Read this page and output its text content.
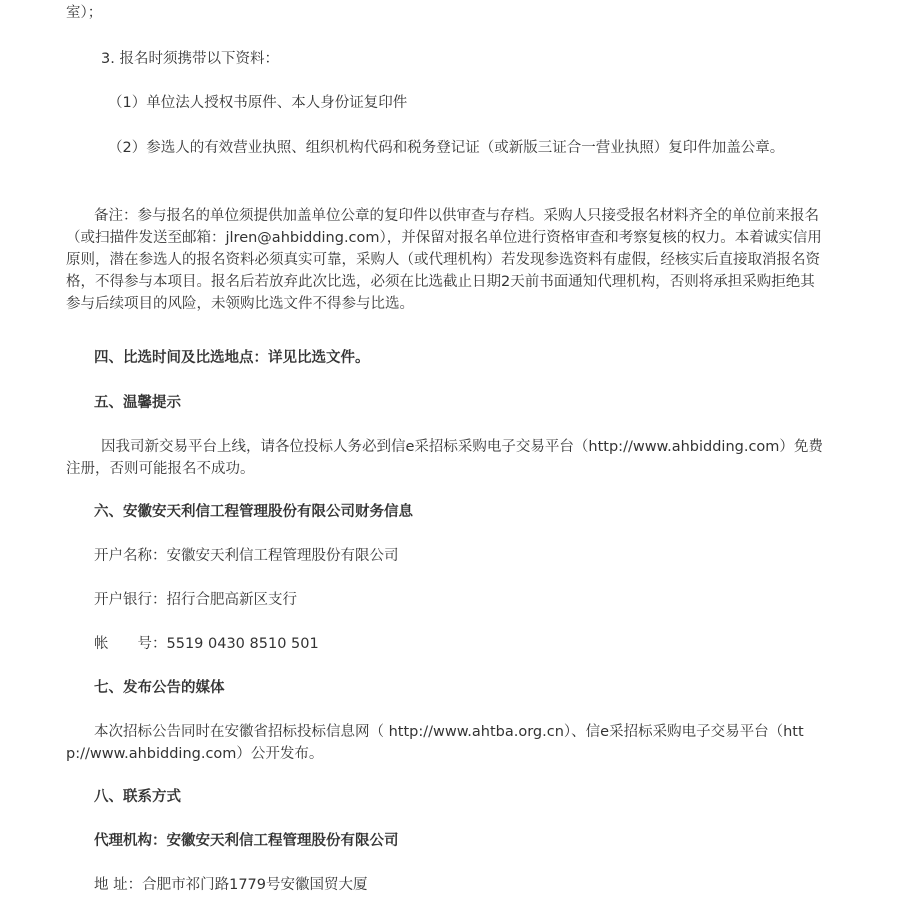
室）；

3. 报名时须携带以下资料：

（1）单位法人授权书原件、本人身份证复印件

（2）参选人的有效营业执照、组织机构代码和税务登记证（或新版三证合一营业执照）复印件加盖公章。

备注：参与报名的单位须提供加盖单位公章的复印件以供审查与存档。采购人只接受报名材料齐全的单位前来报名（或扫描件发送至邮箱：jlren@ahbidding.com），并保留对报名单位进行资格审查和考察复核的权力。本着诚实信用原则，潜在参选人的报名资料必须真实可靠，采购人（或代理机构）若发现参选资料有虚假，经核实后直接取消报名资格，不得参与本项目。报名后若放弃此次比选，必须在比选截止日期2天前书面通知代理机构，否则将承担采购拒绝其参与后续项目的风险，未领购比选文件不得参与比选。

四、比选时间及比选地点：详见比选文件。

五、温馨提示

因我司新交易平台上线，请各位投标人务必到信e采招标采购电子交易平台（http://www.ahbidding.com）免费注册，否则可能报名不成功。

六、安徽安天利信工程管理股份有限公司财务信息

开户名称：安徽安天利信工程管理股份有限公司

开户银行：招行合肥高新区支行

帐　　号：5519 0430 8510 501

七、发布公告的媒体

本次招标公告同时在安徽省招标投标信息网（ http://www.ahtba.org.cn）、信e采招标采购电子交易平台（http://www.ahbidding.com）公开发布。

八、联系方式

代理机构：安徽安天利信工程管理股份有限公司

地 址：合肥市祁门路1779号安徽国贸大厦
